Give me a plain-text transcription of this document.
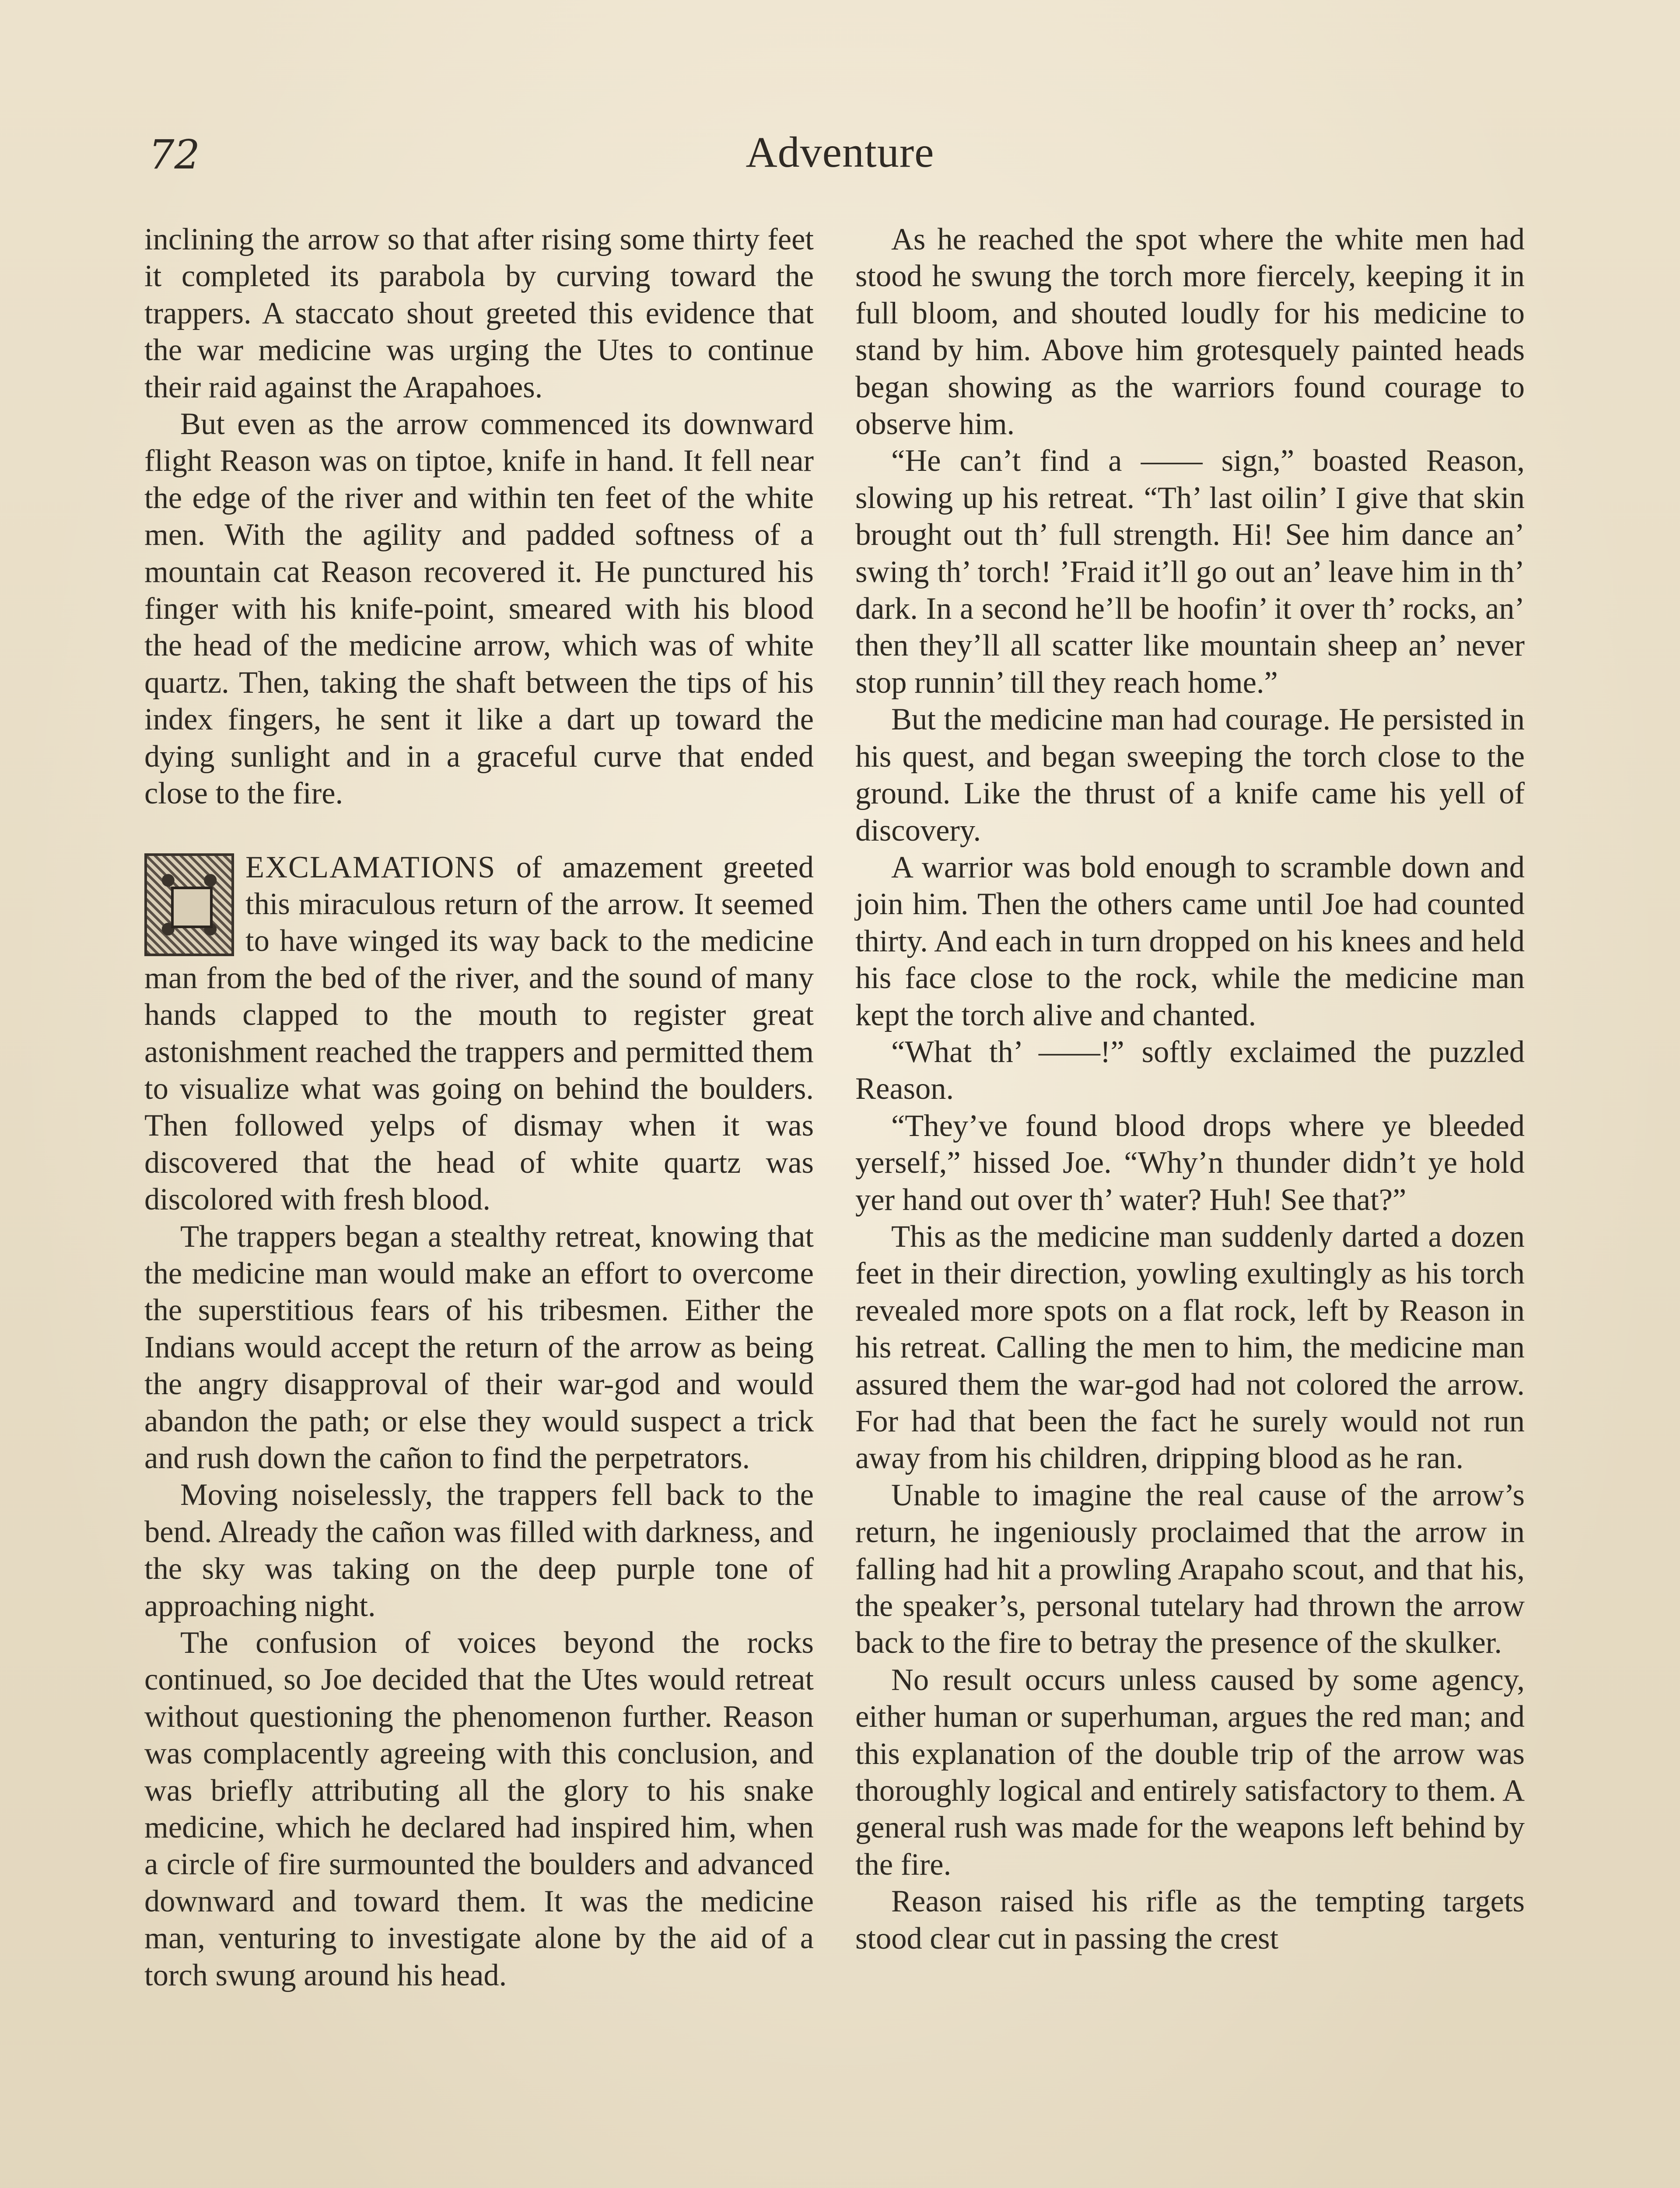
72	Adventure

inclining the arrow so that after rising some thirty feet it completed its parabola by curving toward the trappers. A staccato shout greeted this evidence that the war medicine was urging the Utes to continue their raid against the Arapahoes.

But even as the arrow commenced its downward flight Reason was on tiptoe, knife in hand. It fell near the edge of the river and within ten feet of the white men. With the agility and padded softness of a mountain cat Reason recovered it. He punctured his finger with his knife-point, smeared with his blood the head of the medicine arrow, which was of white quartz. Then, taking the shaft between the tips of his index fingers, he sent it like a dart up toward the dying sunlight and in a graceful curve that ended close to the fire.

EXCLAMATIONS of amazement greeted this miraculous return of the arrow. It seemed to have winged its way back to the medicine man from the bed of the river, and the sound of many hands clapped to the mouth to register great astonishment reached the trappers and permitted them to visualize what was going on behind the boulders. Then followed yelps of dismay when it was discovered that the head of white quartz was discolored with fresh blood.

The trappers began a stealthy retreat, knowing that the medicine man would make an effort to overcome the superstitious fears of his tribesmen. Either the Indians would accept the return of the arrow as being the angry disapproval of their war-god and would abandon the path; or else they would suspect a trick and rush down the cañon to find the perpetrators.

Moving noiselessly, the trappers fell back to the bend. Already the cañon was filled with darkness, and the sky was taking on the deep purple tone of approaching night.

The confusion of voices beyond the rocks continued, so Joe decided that the Utes would retreat without questioning the phenomenon further. Reason was complacently agreeing with this conclusion, and was briefly attributing all the glory to his snake medicine, which he declared had inspired him, when a circle of fire surmounted the boulders and advanced downward and toward them. It was the medicine man, venturing to investigate alone by the aid of a torch swung around his head.

As he reached the spot where the white men had stood he swung the torch more fiercely, keeping it in full bloom, and shouted loudly for his medicine to stand by him. Above him grotesquely painted heads began showing as the warriors found courage to observe him.

“He can’t find a —— sign,” boasted Reason, slowing up his retreat. “Th’ last oilin’ I give that skin brought out th’ full strength. Hi! See him dance an’ swing th’ torch! ’Fraid it’ll go out an’ leave him in th’ dark. In a second he’ll be hoofin’ it over th’ rocks, an’ then they’ll all scatter like mountain sheep an’ never stop runnin’ till they reach home.”

But the medicine man had courage. He persisted in his quest, and began sweeping the torch close to the ground. Like the thrust of a knife came his yell of discovery.

A warrior was bold enough to scramble down and join him. Then the others came until Joe had counted thirty. And each in turn dropped on his knees and held his face close to the rock, while the medicine man kept the torch alive and chanted.

“What th’ ——!” softly exclaimed the puzzled Reason.

“They’ve found blood drops where ye bleeded yerself,” hissed Joe. “Why’n thunder didn’t ye hold yer hand out over th’ water? Huh! See that?”

This as the medicine man suddenly darted a dozen feet in their direction, yowling exultingly as his torch revealed more spots on a flat rock, left by Reason in his retreat. Calling the men to him, the medicine man assured them the war-god had not colored the arrow. For had that been the fact he surely would not run away from his children, dripping blood as he ran.

Unable to imagine the real cause of the arrow’s return, he ingeniously proclaimed that the arrow in falling had hit a prowling Arapaho scout, and that his, the speaker’s, personal tutelary had thrown the arrow back to the fire to betray the presence of the skulker.

No result occurs unless caused by some agency, either human or superhuman, argues the red man; and this explanation of the double trip of the arrow was thoroughly logical and entirely satisfactory to them. A general rush was made for the weapons left behind by the fire.

Reason raised his rifle as the tempting targets stood clear cut in passing the crest
